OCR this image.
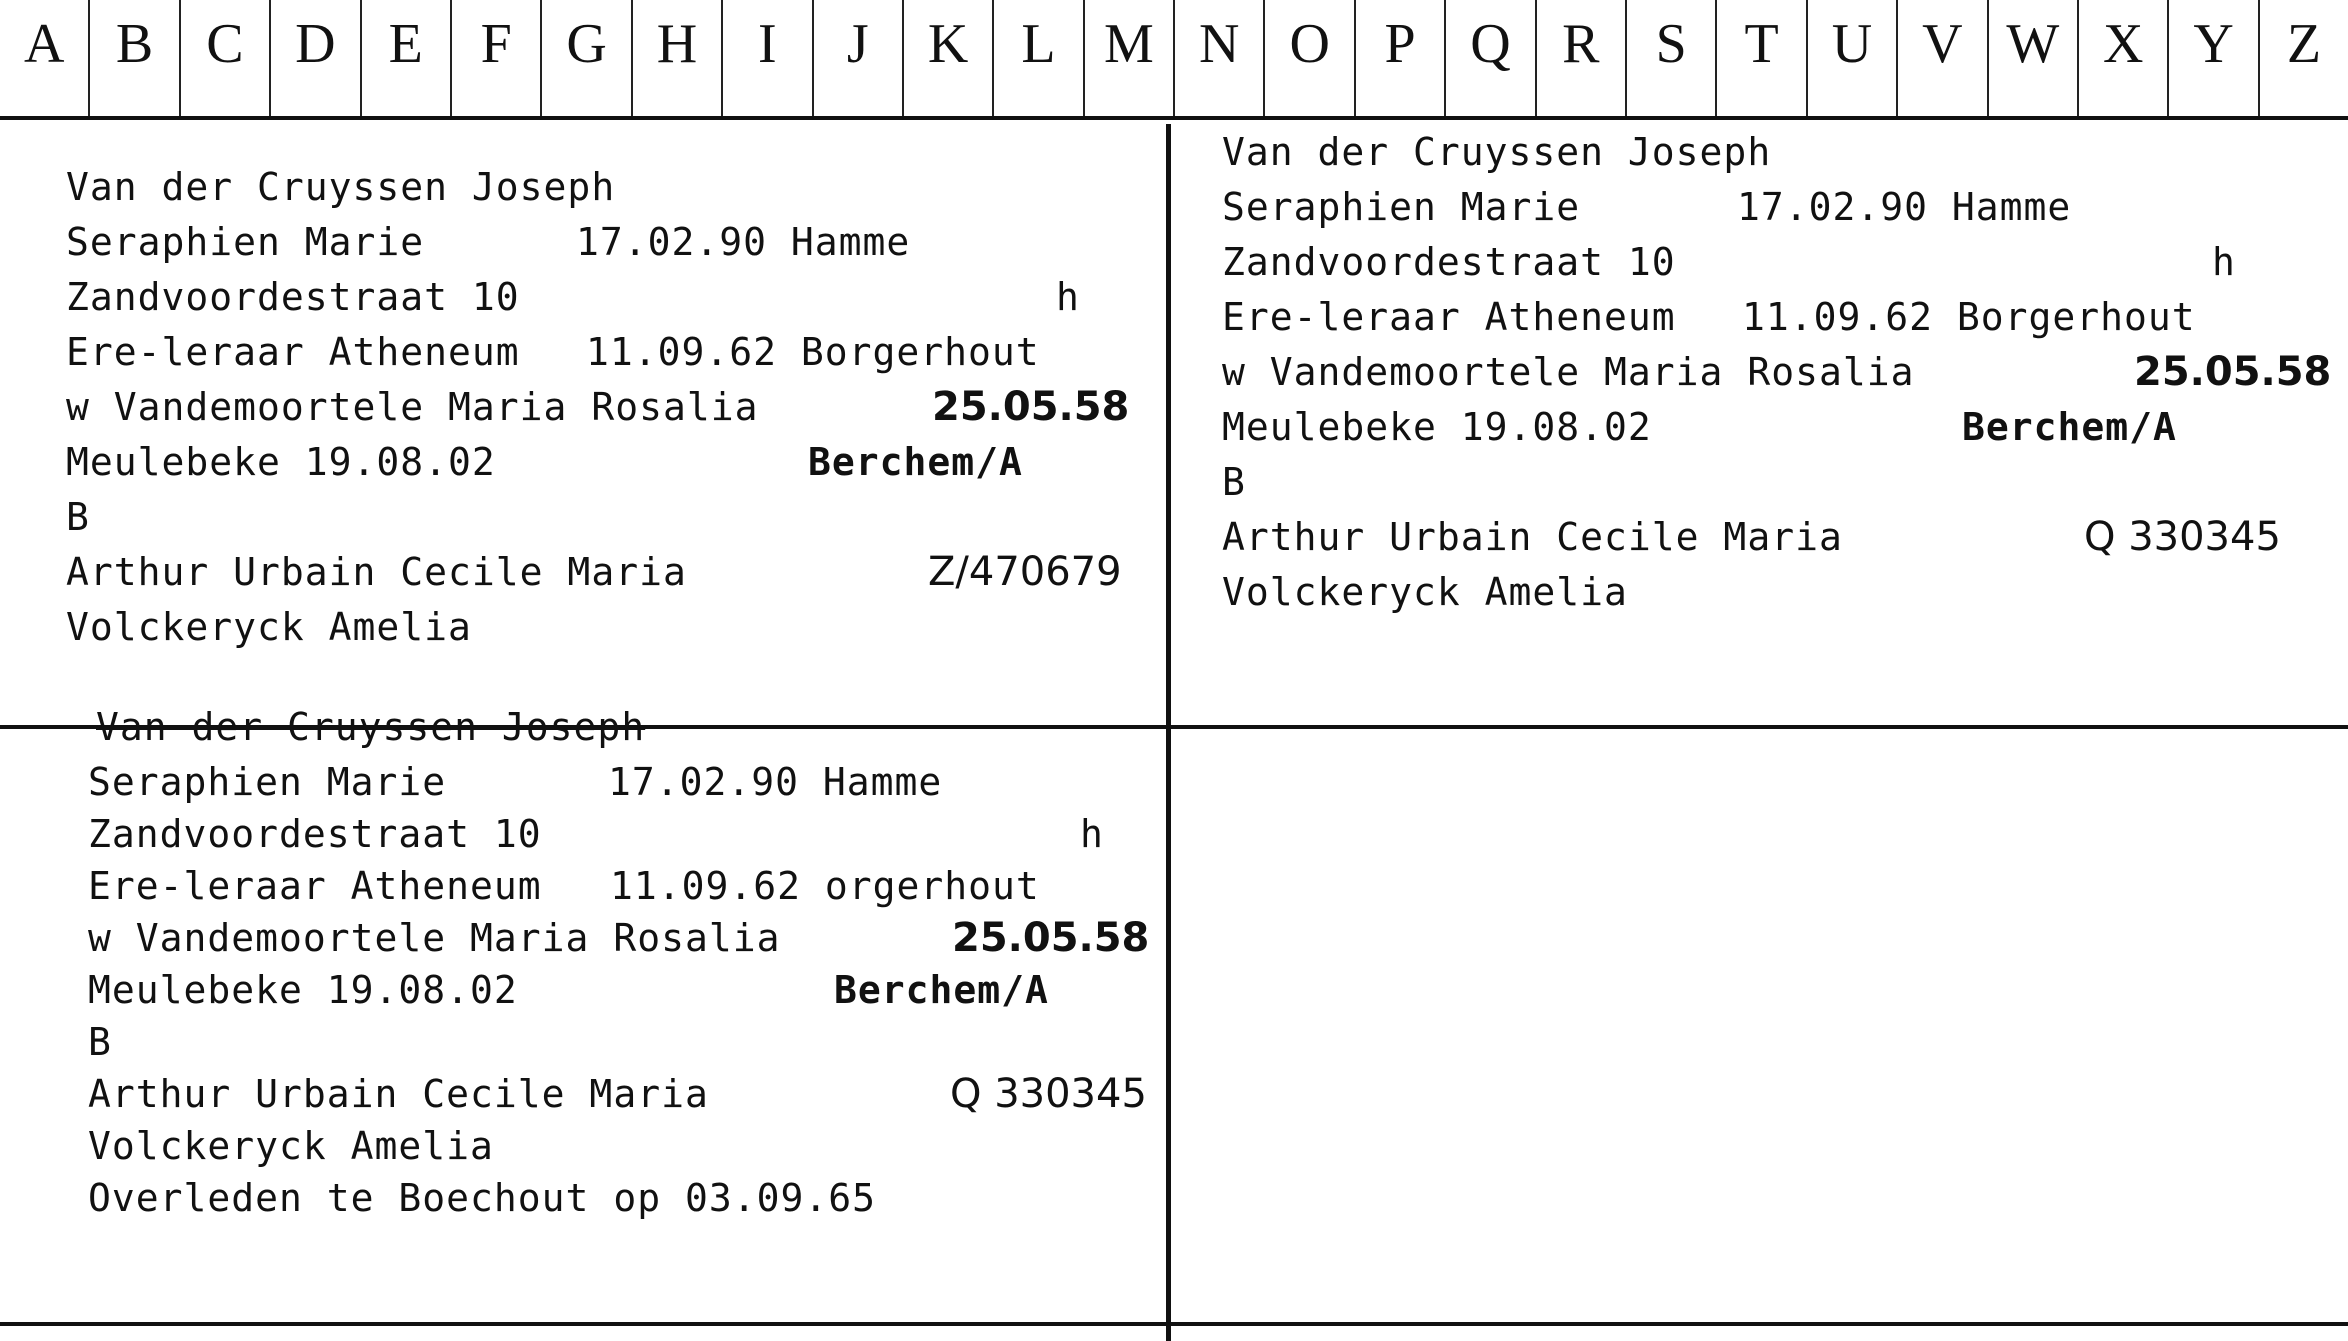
A B C D E	F G H	I	J	K L M N O P Q R	S	T U V W X Y Z
Van der Cruyssen Joseph
Seraphien Marie	17.02.90 Hamme
Zandvoordestraat 10	h
Ere-leraar Atheneum 11.09.62 Borgerhout
w Vandemoortele Maria Rosalia	25.05.58
Meulebeke 19.08.02	Berchem/A
B
Arthur Urbain Cecile Maria	Z/470679
Volckeryck Amelia
Van der Cruyssen Joseph
Seraphien Marie	17.02.90 Hamme
Zandvoordestraat 10	h
Ere-leraar Atheneum 11.09.62 Borgerhout
w Vandemoortele Maria Rosalia	25.05.58
Meulebeke 19.08.02	Berchem/A
B
Arthur Urbain Cecile Maria	Q 330345
Volckeryck Amelia
Van der Cruyssen Joseph
Seraphien Marie	17.02.90 Hamme
Zandvoordestraat 10	h
Ere-leraar Atheneum 11.09.62 orgerhout
w Vandemoortele Maria Rosalia	25.05.58
Meulebeke 19.08.02	Berchem/A
B
Arthur Urbain Cecile Maria	Q 330345
Volckeryck Amelia
Overleden te Boechout op 03.09.65
